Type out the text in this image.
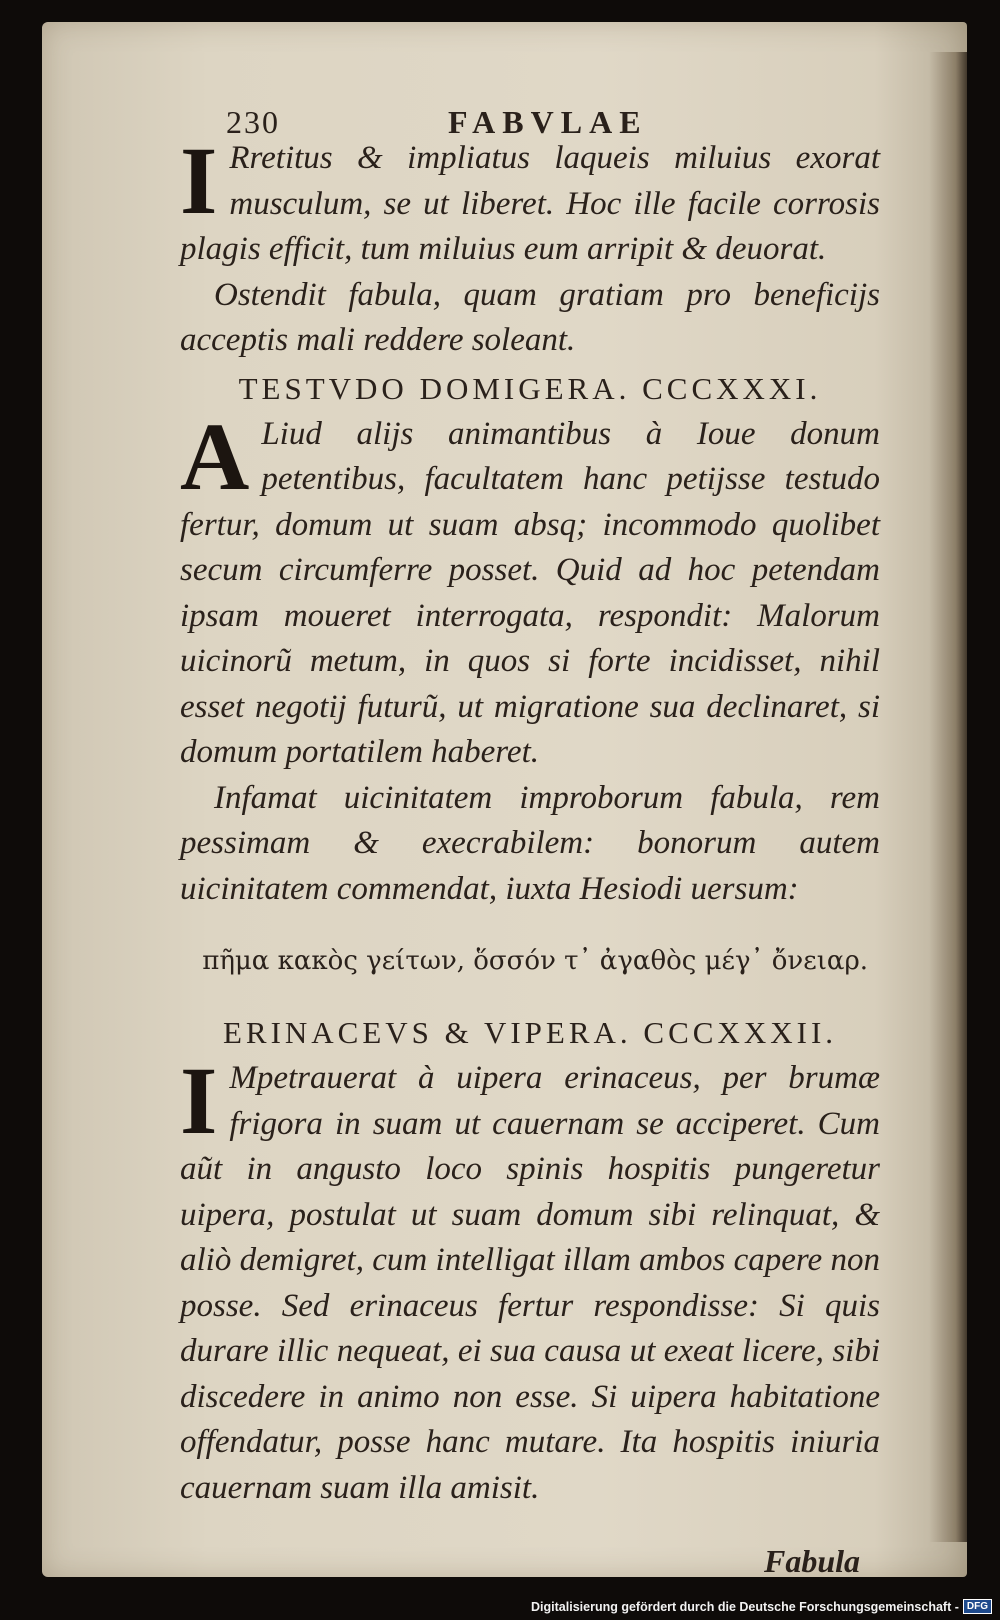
230	FABVLAE

I Rretitus & impliatus laqueis miluius exorat musculum, se ut liberet. Hoc ille facile corrosis plagis efficit, tum miluius eum arripit & deuorat.

Ostendit fabula, quam gratiam pro beneficijs acceptis mali reddere soleant.

TESTVDO DOMIGERA. CCCXXXI.

A Liud alijs animantibus à Ioue donum petentibus, facultatem hanc petijsse testudo fertur, domum ut suam absq; incommodo quolibet secum circumferre posset. Quid ad hoc petendam ipsam moueret interrogata, respondit: Malorum uicinorũ metum, in quos si forte incidisset, nihil esset negotij futurũ, ut migratione sua declinaret, si domum portatilem haberet.

Infamat uicinitatem improborum fabula, rem pessimam & execrabilem: bonorum autem uicinitatem commendat, iuxta Hesiodi uersum:

πῆμα κακὸς γείτων, ὅσσόν τ᾽ ἀγαθὸς μέγ᾽ ὄνειαρ.

ERINACEVS & VIPERA. CCCXXXII.

I Mpetrauerat à uipera erinaceus, per brumæ frigora in suam ut cauernam se acciperet. Cum aũt in angusto loco spinis hospitis pungeretur uipera, postulat ut suam domum sibi relinquat, & aliò demigret, cum intelligat illam ambos capere non posse. Sed erinaceus fertur respondisse: Si quis durare illic nequeat, ei sua causa ut exeat licere, sibi discedere in animo non esse. Si uipera habitatione offendatur, posse hanc mutare. Ita hospitis iniuria cauernam suam illa amisit.

Fabula

Digitalisierung gefördert durch die Deutsche Forschungsgemeinschaft - DFG
